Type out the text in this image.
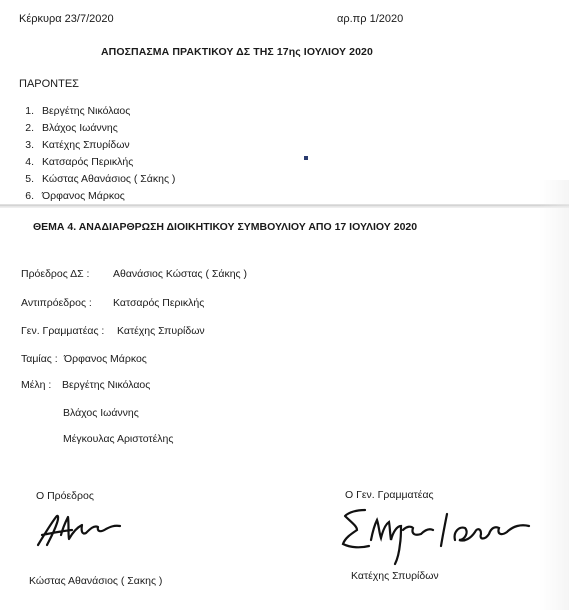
Κέρκυρα 23/7/2020	αρ.πρ 1/2020
ΑΠΟΣΠΑΣΜΑ ΠΡΑΚΤΙΚΟΥ ΔΣ ΤΗΣ 17ης ΙΟΥΛΙΟΥ 2020
ΠΑΡΟΝΤΕΣ
1. Βεργέτης Νικόλαος
2. Βλάχος Ιωάννης
3. Κατέχης Σπυρίδων
4. Κατσαρός Περικλής
5. Κώστας Αθανάσιος ( Σάκης )
6. Όρφανος Μάρκος
ΘΕΜΑ 4. ΑΝΑΔΙΑΡΘΡΩΣΗ ΔΙΟΙΚΗΤΙΚΟΥ ΣΥΜΒΟΥΛΙΟΥ ΑΠΟ 17 ΙΟΥΛΙΟΥ 2020
Πρόεδρος ΔΣ : Αθανάσιος Κώστας ( Σάκης )
Αντιπρόεδρος : Κατσαρός Περικλής
Γεν. Γραμματέας : Κατέχης Σπυρίδων
Ταμίας : Όρφανος Μάρκος
Μέλη : Βεργέτης Νικόλαος
Βλάχος Ιωάννης
Μέγκουλας Αριστοτέλης
Ο Πρόεδρος	Ο Γεν. Γραμματέας
Κώστας Αθανάσιος ( Σακης )	Κατέχης Σπυρίδων
